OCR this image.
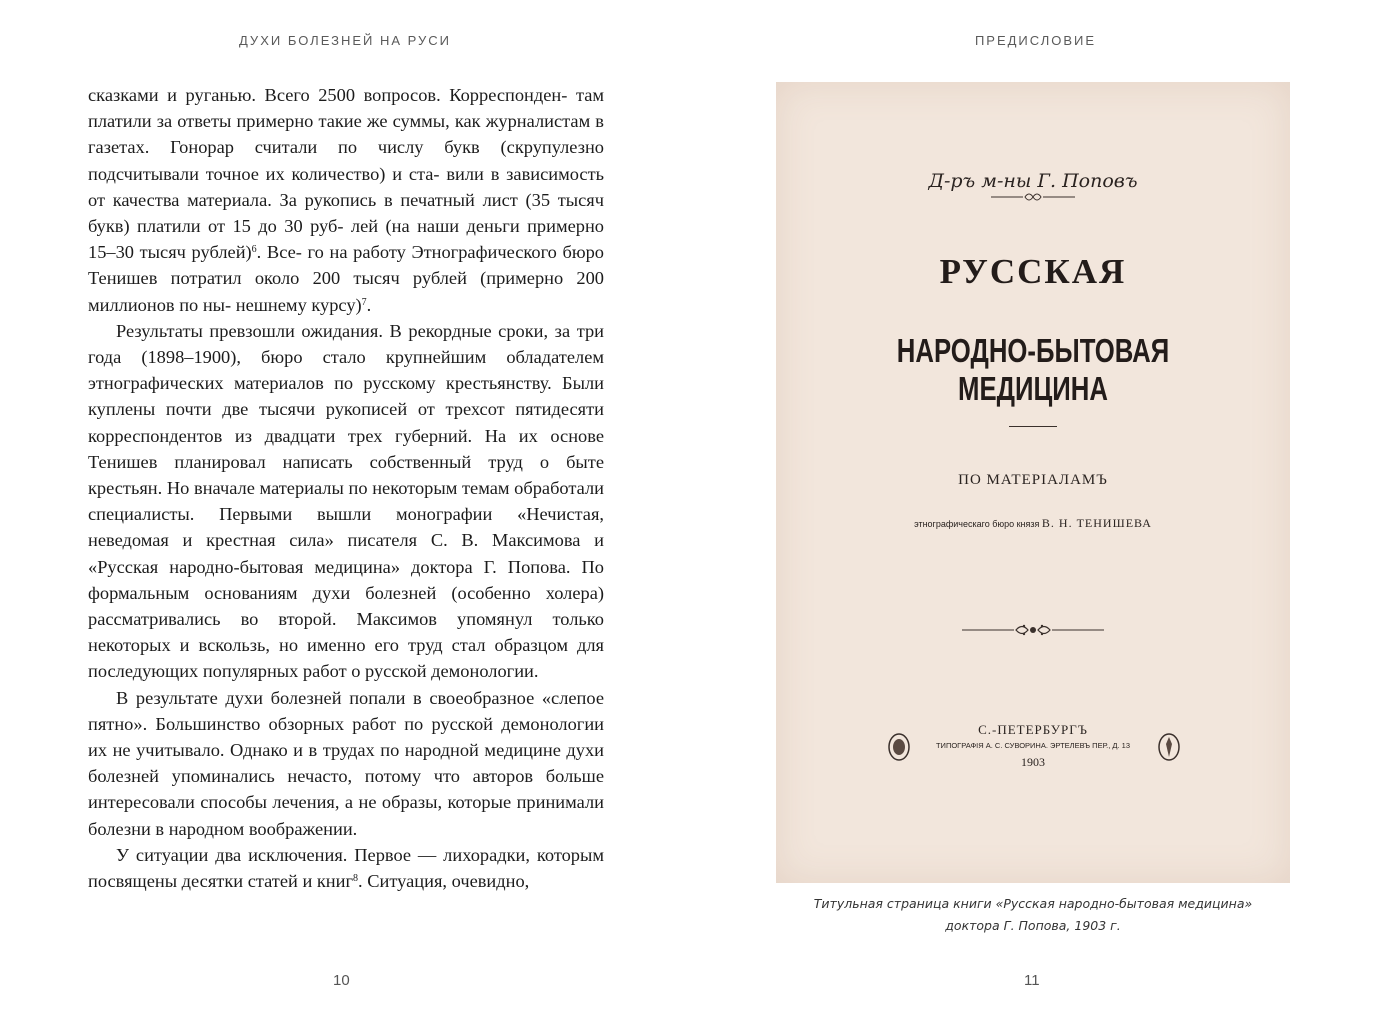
ДУХИ БОЛЕЗНЕЙ НА РУСИ

сказками и руганью. Всего 2500 вопросов. Корреспонден- там платили за ответы примерно такие же суммы, как журналистам в газетах. Гонорар считали по числу букв (скрупулезно подсчитывали точное их количество) и ста- вили в зависимость от качества материала. За рукопись в печатный лист (35 тысяч букв) платили от 15 до 30 руб- лей (на наши деньги примерно 15–30 тысяч рублей)$^6$. Все- го на работу Этнографического бюро Тенишев потратил около 200 тысяч рублей (примерно 200 миллионов по ны- нешнему курсу)$^7$.

Результаты превзошли ожидания. В рекордные сроки, за три года (1898–1900), бюро стало крупнейшим обладателем этнографических материалов по русскому крестьянству. Были куплены почти две тысячи рукописей от трехсот пятидесяти корреспондентов из двадцати трех губерний. На их основе Тенишев планировал написать собственный труд о быте крестьян. Но вначале материалы по некоторым темам обработали специалисты. Первыми вышли монографии «Нечистая, неведомая и крестная сила» писателя С. В. Максимова и «Русская народно-бытовая медицина» доктора Г. Попова. По формальным основаниям духи болезней (особенно холера) рассматривались во второй. Максимов упомянул только некоторых и вскользь, но именно его труд стал образцом для последующих популярных работ о русской демонологии.

В результате духи болезней попали в своеобразное «слепое пятно». Большинство обзорных работ по русской демонологии их не учитывало. Однако и в трудах по народной медицине духи болезней упоминались нечасто, потому что авторов больше интересовали способы лечения, а не образы, которые принимали болезни в народном воображении.

У ситуации два исключения. Первое — лихорадки, которым посвящены десятки статей и книг$^8$. Ситуация, очевидно,

10
ПРЕДИСЛОВИЕ
Д-ръ м-ны Г. Поповъ
РУССКАЯ
НАРОДНО-БЫТОВАЯ МЕДИЦИНА
ПО МАТЕРІАЛАМЪ
этнографическаго бюро князя В. Н. ТЕНИШЕВА
С.-ПЕТЕРБУРГЪ
ТИПОГРАФІЯ А. С. СУВОРИНА. ЭРТЕЛЕВЪ ПЕР., Д. 13
1903
Титульная страница книги «Русская народно-бытовая медицина»
доктора Г. Попова, 1903 г.
11
